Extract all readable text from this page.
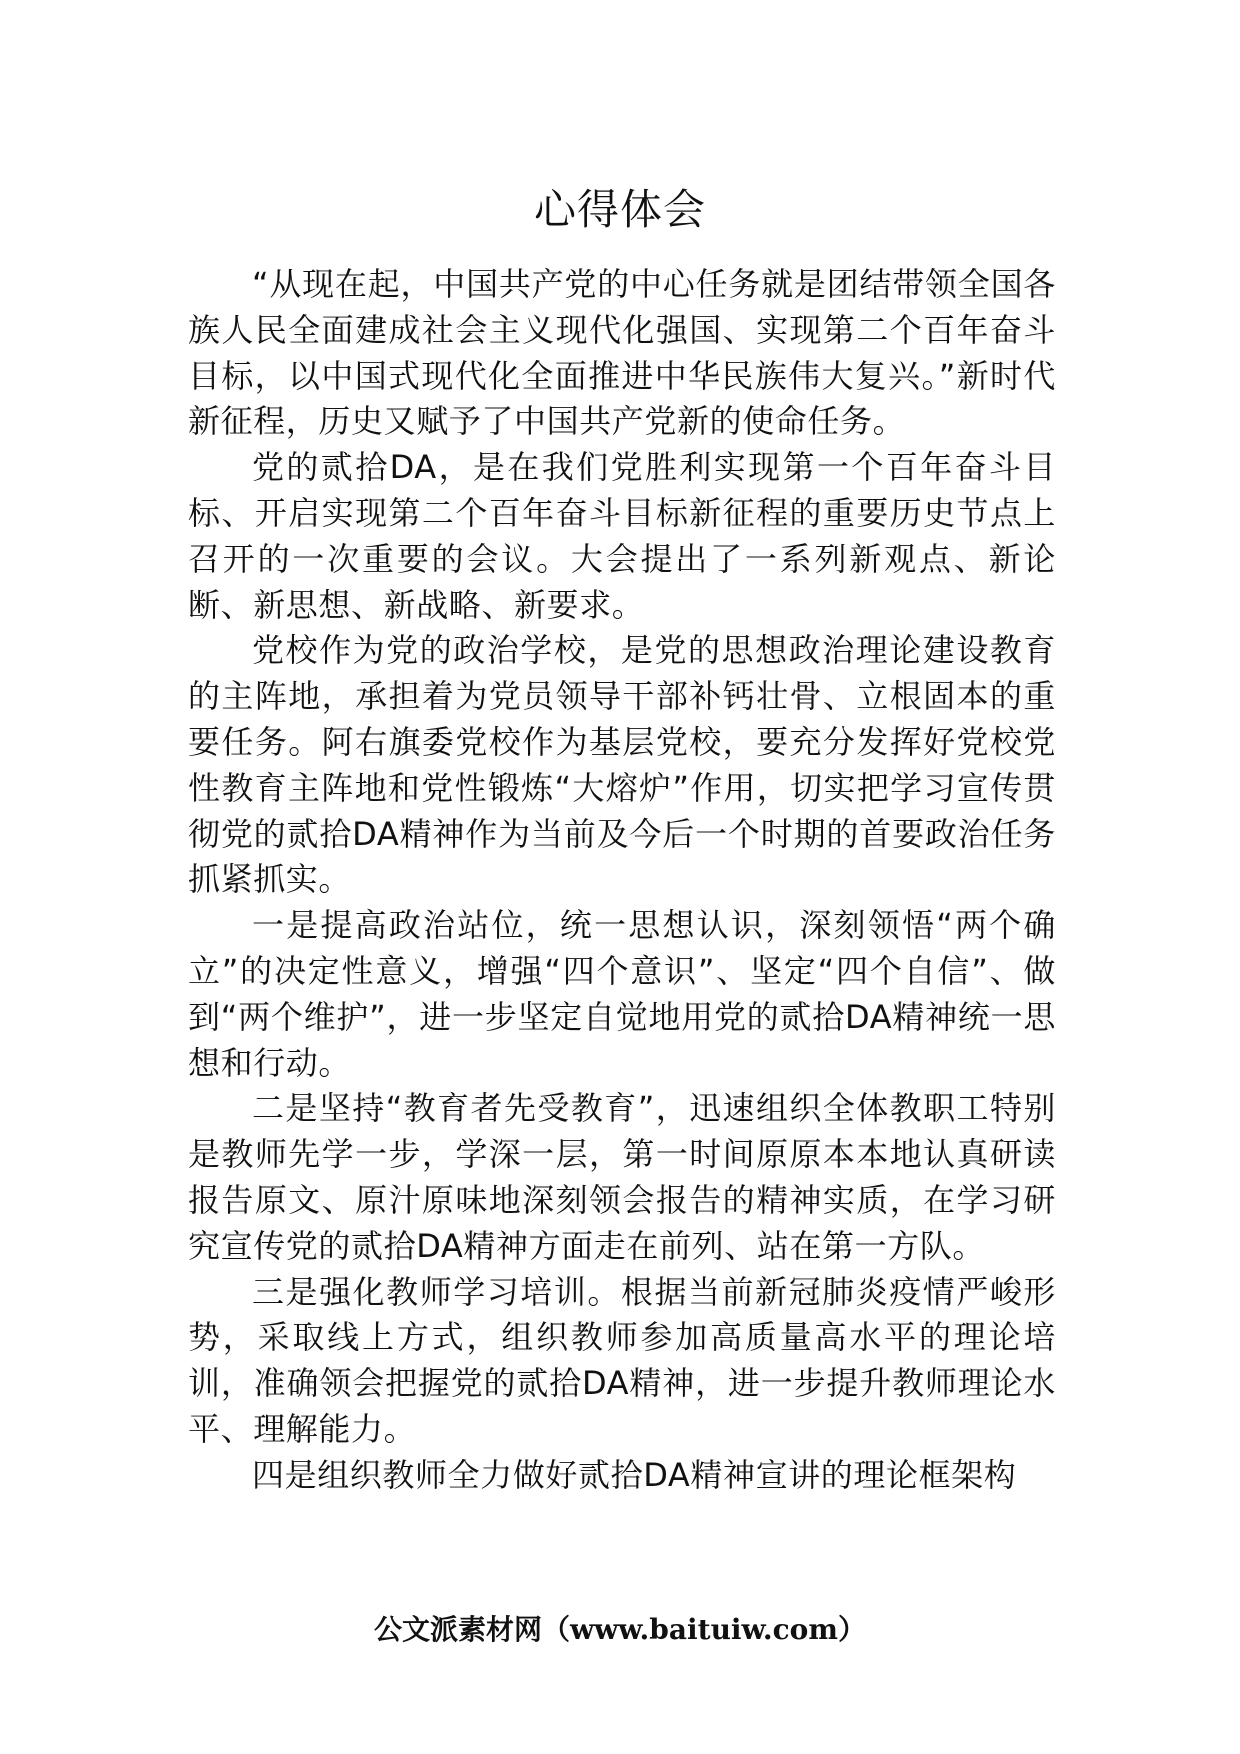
心得体会

“从现在起，中国共产党的中心任务就是团结带领全国各族人民全面建成社会主义现代化强国、实现第二个百年奋斗目标，以中国式现代化全面推进中华民族伟大复兴。”新时代新征程，历史又赋予了中国共产党新的使命任务。

党的贰拾DA，是在我们党胜利实现第一个百年奋斗目标、开启实现第二个百年奋斗目标新征程的重要历史节点上召开的一次重要的会议。大会提出了一系列新观点、新论断、新思想、新战略、新要求。

党校作为党的政治学校，是党的思想政治理论建设教育的主阵地，承担着为党员领导干部补钙壮骨、立根固本的重要任务。阿右旗委党校作为基层党校，要充分发挥好党校党性教育主阵地和党性锻炼“大熔炉”作用，切实把学习宣传贯彻党的贰拾DA精神作为当前及今后一个时期的首要政治任务抓紧抓实。

一是提高政治站位，统一思想认识，深刻领悟“两个确立”的决定性意义，增强“四个意识”、坚定“四个自信”、做到“两个维护”，进一步坚定自觉地用党的贰拾DA精神统一思想和行动。

二是坚持“教育者先受教育”，迅速组织全体教职工特别是教师先学一步，学深一层，第一时间原原本本地认真研读报告原文、原汁原味地深刻领会报告的精神实质，在学习研究宣传党的贰拾DA精神方面走在前列、站在第一方队。

三是强化教师学习培训。根据当前新冠肺炎疫情严峻形势，采取线上方式，组织教师参加高质量高水平的理论培训，准确领会把握党的贰拾DA精神，进一步提升教师理论水平、理解能力。

四是组织教师全力做好贰拾DA精神宣讲的理论框架构

公文派素材网（www.baituiw.com）
